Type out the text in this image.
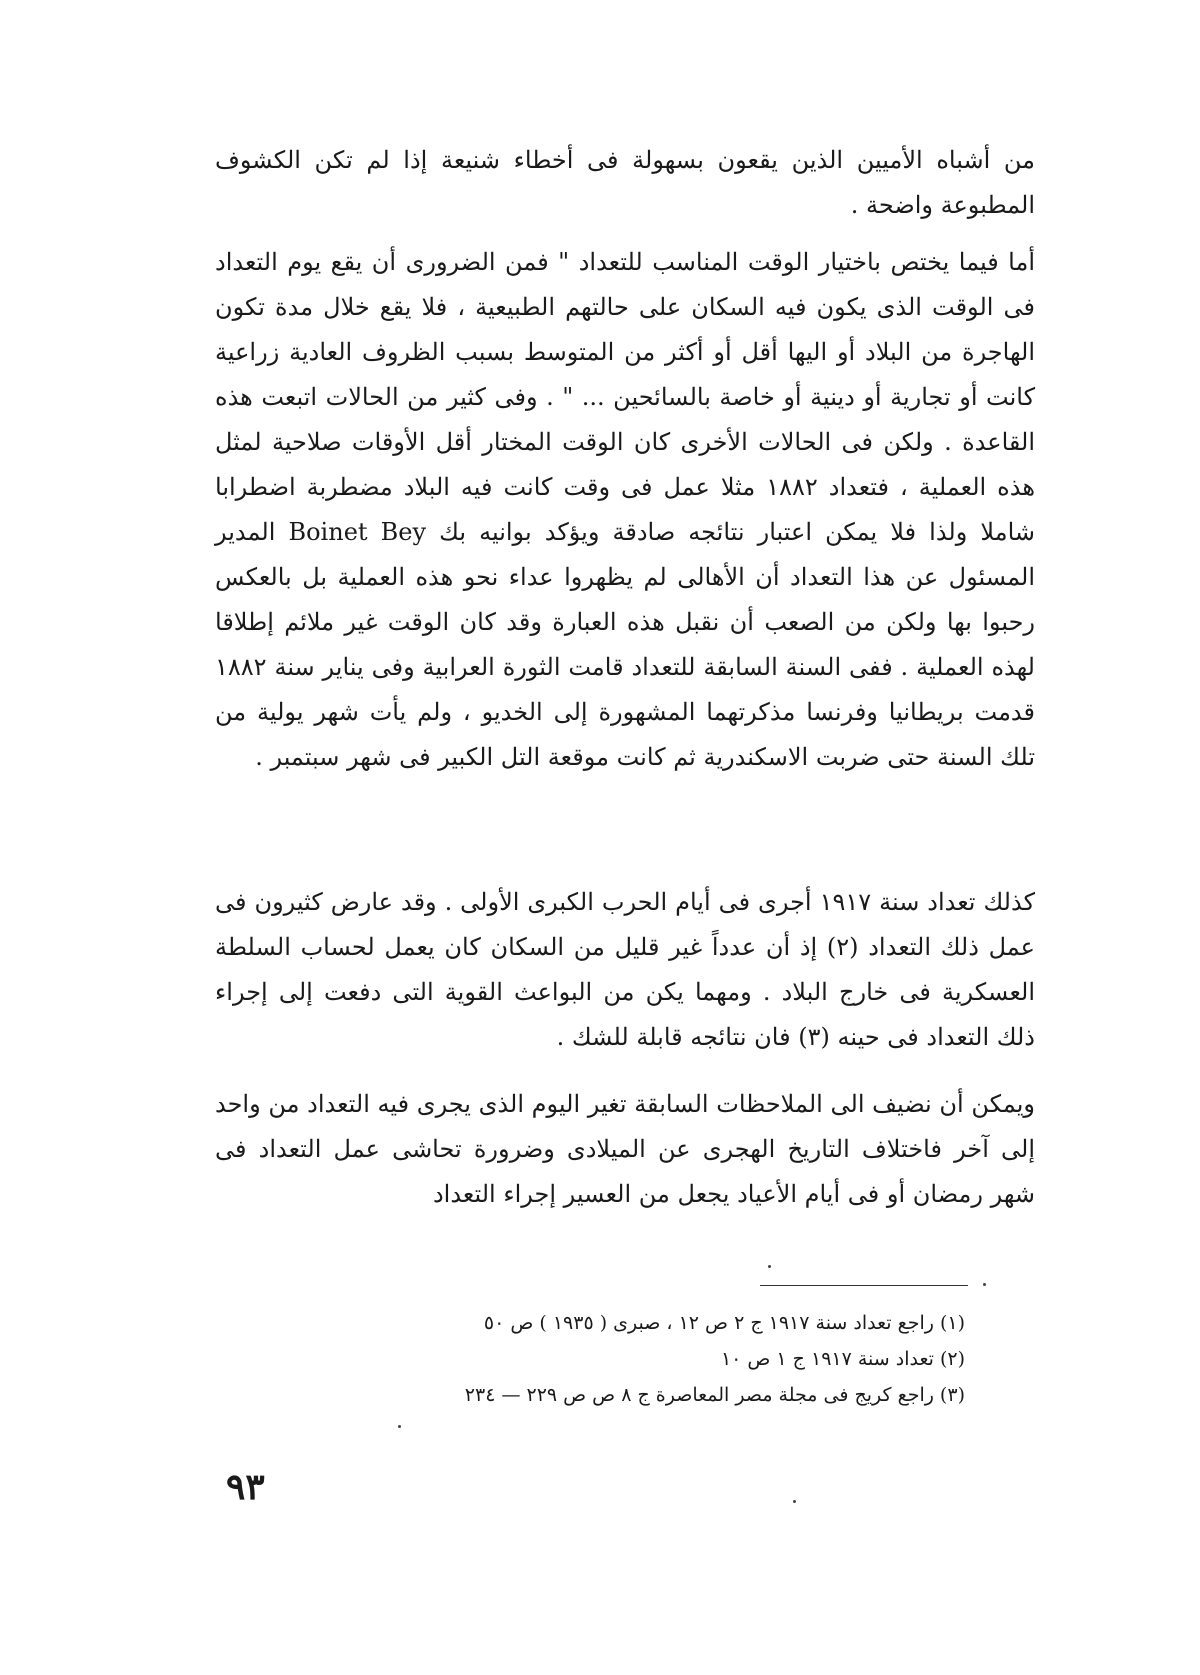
من أشباه الأميين الذين يقعون بسهولة فى أخطاء شنيعة إذا لم تكن الكشوف المطبوعة واضحة .

أما فيما يختص باختيار الوقت المناسب للتعداد " فمن الضرورى أن يقع يوم التعداد فى الوقت الذى يكون فيه السكان على حالتهم الطبيعية ، فلا يقع خلال مدة تكون الهاجرة من البلاد أو اليها أقل أو أكثر من المتوسط بسبب الظروف العادية زراعية كانت أو تجارية أو دينية أو خاصة بالسائحين ... " . وفى كثير من الحالات اتبعت هذه القاعدة . ولكن فى الحالات الأخرى كان الوقت المختار أقل الأوقات صلاحية لمثل هذه العملية ، فتعداد ١٨٨٢ مثلا عمل فى وقت كانت فيه البلاد مضطربة اضطرابا شاملا ولذا فلا يمكن اعتبار نتائجه صادقة ويؤكد بوانيه بك Boinet Bey المدير المسئول عن هذا التعداد أن الأهالى لم يظهروا عداء نحو هذه العملية بل بالعكس رحبوا بها ولكن من الصعب أن نقبل هذه العبارة وقد كان الوقت غير ملائم إطلاقا لهذه العملية . ففى السنة السابقة للتعداد قامت الثورة العرابية وفى يناير سنة ١٨٨٢ قدمت بريطانيا وفرنسا مذكرتهما المشهورة إلى الخديو ، ولم يأت شهر يولية من تلك السنة حتى ضربت الاسكندرية ثم كانت موقعة التل الكبير فى شهر سبتمبر .

كذلك تعداد سنة ١٩١٧ أجرى فى أيام الحرب الكبرى الأولى . وقد عارض كثيرون فى عمل ذلك التعداد (٢) إذ أن عدداً غير قليل من السكان كان يعمل لحساب السلطة العسكرية فى خارج البلاد . ومهما يكن من البواعث القوية التى دفعت إلى إجراء ذلك التعداد فى حينه (٣) فان نتائجه قابلة للشك .

ويمكن أن نضيف الى الملاحظات السابقة تغير اليوم الذى يجرى فيه التعداد من واحد إلى آخر فاختلاف التاريخ الهجرى عن الميلادى وضرورة تحاشى عمل التعداد فى شهر رمضان أو فى أيام الأعياد يجعل من العسير إجراء التعداد

(١) راجع تعداد سنة ١٩١٧ ج ٢ ص ١٢ ، صبرى ( ١٩٣٥ ) ص ٥٠
(٢) تعداد سنة ١٩١٧ ج ١ ص ١٠
(٣) راجع كريج فى مجلة مصر المعاصرة ج ٨ ص ص ٢٢٩ — ٢٣٤
٩٣
